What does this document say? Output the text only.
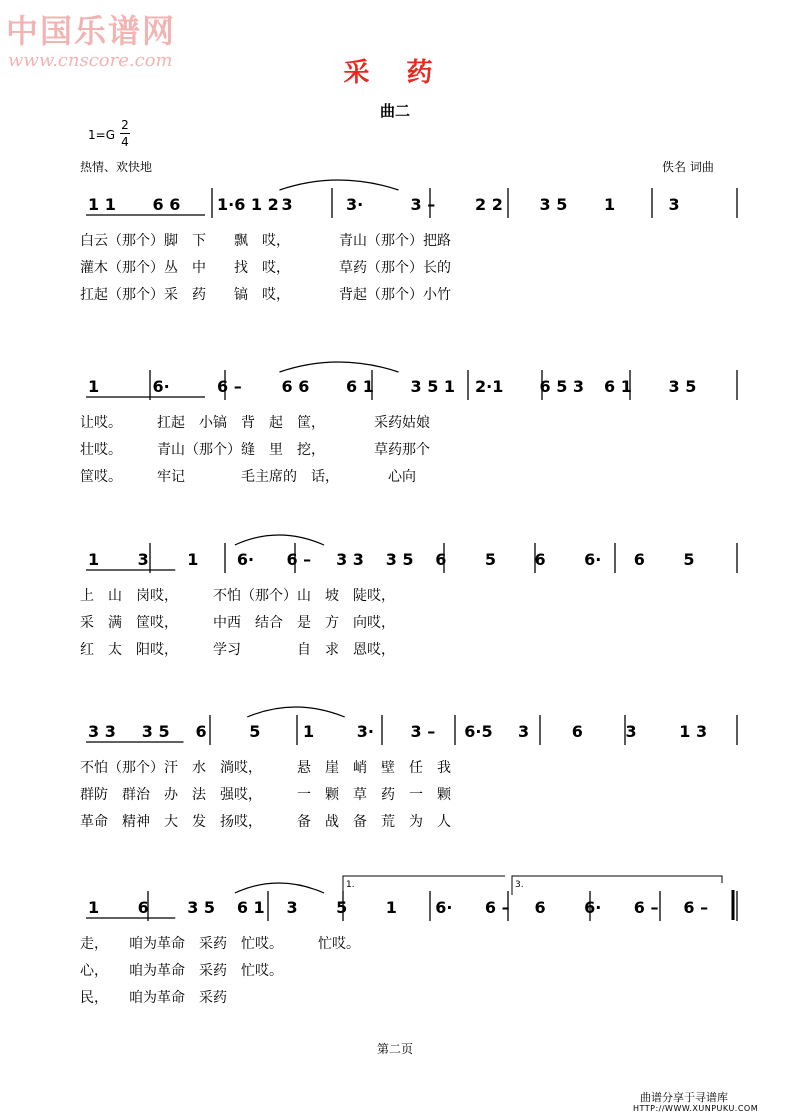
中国乐谱网
www.cnscore.com	采 药
曲二
1=G
2
4
热情、欢快地	佚名 词曲
1 1 6 6 1·6 1 2 3	3·	3 – 2 2 3 5 1	3
1	6·	6 – 6 6 6 1 3 5 1 2·1 6 5 3 6 1 3 5
1 3 1 6· 6 – 3 3 3 5 6 5 6 6· 6 5
3 3 3 5 6	5	1	3· 3 – 6·5 3	6	3	1 3
1 6 3 5 6 1 3 5 1 6· 6 – 6 6· 6 – 6 –
1.	3.
白云（那个）脚　下　　飘　哎，　　　　青山（那个）把路
灌木（那个）丛　中　　找　哎，　　　　草药（那个）长的
扛起（那个）采　药　　镐　哎，　　　　背起（那个）小竹
让哎。　　　扛起　小镐　背　起　筐，　　　　采药姑娘
壮哎。　　　青山（那个）缝　里　挖，　　　　草药那个
筐哎。　　　牢记　　　　毛主席的　话，　　　　心向
上　山　岗哎，　　　不怕（那个）山　坡　陡哎，
采　满　筐哎，　　　中西　结合　是　方　向哎，
红　太　阳哎，　　　学习　　　　自　求　恩哎，
不怕（那个）汗　水　淌哎，　　　悬　崖　峭　壁　任　我
群防　群治　办　法　强哎，　　　一　颗　草　药　一　颗
革命　精神　大　发　扬哎，　　　备　战　备　荒　为　人
走，　　咱为革命　采药　忙哎。　　　忙哎。
心，　　咱为革命　采药　忙哎。
民，　　咱为革命　采药
第二页
曲谱分享于寻谱库
HTTP://WWW.XUNPUKU.COM
